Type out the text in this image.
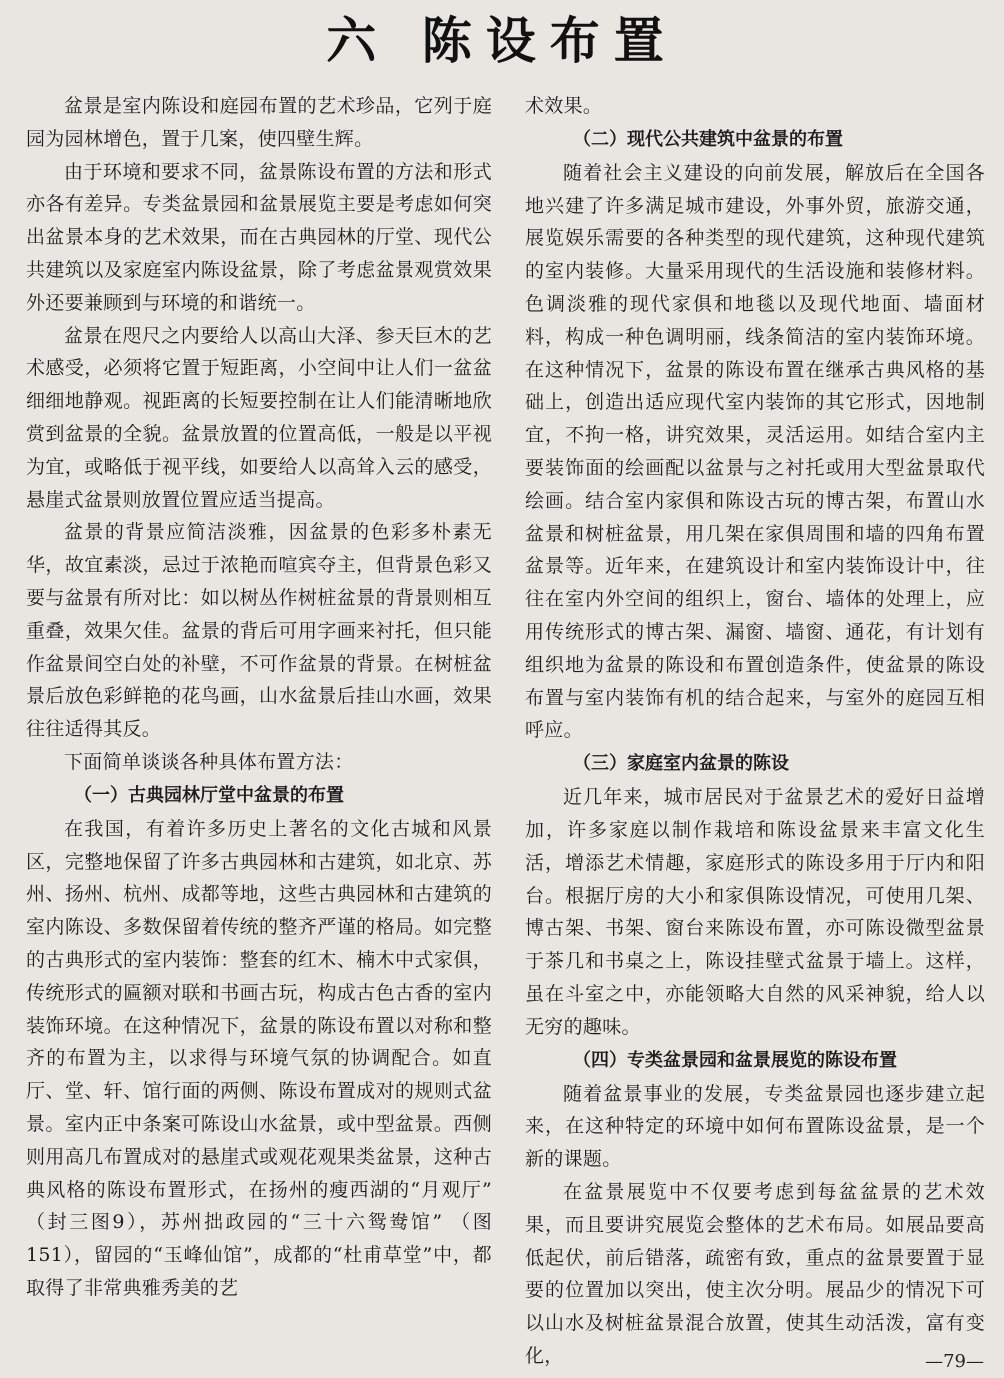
六 陈设布置

盆景是室内陈设和庭园布置的艺术珍品，它列于庭园为园林增色，置于几案，使四壁生辉。

由于环境和要求不同，盆景陈设布置的方法和形式亦各有差异。专类盆景园和盆景展览主要是考虑如何突出盆景本身的艺术效果，而在古典园林的厅堂、现代公共建筑以及家庭室内陈设盆景，除了考虑盆景观赏效果外还要兼顾到与环境的和谐统一。

盆景在咫尺之内要给人以高山大泽、参天巨木的艺术感受，必须将它置于短距离，小空间中让人们一盆盆细细地静观。视距离的长短要控制在让人们能清晰地欣赏到盆景的全貌。盆景放置的位置高低，一般是以平视为宜，或略低于视平线，如要给人以高耸入云的感受，悬崖式盆景则放置位置应适当提高。

盆景的背景应简洁淡雅，因盆景的色彩多朴素无华，故宜素淡，忌过于浓艳而喧宾夺主，但背景色彩又要与盆景有所对比：如以树丛作树桩盆景的背景则相互重叠，效果欠佳。盆景的背后可用字画来衬托，但只能作盆景间空白处的补壁，不可作盆景的背景。在树桩盆景后放色彩鲜艳的花鸟画，山水盆景后挂山水画，效果往往适得其反。

下面简单谈谈各种具体布置方法：

（一）古典园林厅堂中盆景的布置

在我国，有着许多历史上著名的文化古城和风景区，完整地保留了许多古典园林和古建筑，如北京、苏州、扬州、杭州、成都等地，这些古典园林和古建筑的室内陈设、多数保留着传统的整齐严谨的格局。如完整的古典形式的室内装饰：整套的红木、楠木中式家俱，传统形式的匾额对联和书画古玩，构成古色古香的室内装饰环境。在这种情况下，盆景的陈设布置以对称和整齐的布置为主，以求得与环境气氛的协调配合。如直厅、堂、轩、馆行面的两侧、陈设布置成对的规则式盆景。室内正中条案可陈设山水盆景，或中型盆景。西侧则用高几布置成对的悬崖式或观花观果类盆景，这种古典风格的陈设布置形式，在扬州的瘦西湖的“月观厅” （封三图9），苏州拙政园的“三十六鸳鸯馆” （图151），留园的“玉峰仙馆”，成都的“杜甫草堂”中，都取得了非常典雅秀美的艺

术效果。

（二）现代公共建筑中盆景的布置

随着社会主义建设的向前发展，解放后在全国各地兴建了许多满足城市建设，外事外贸，旅游交通，展览娱乐需要的各种类型的现代建筑，这种现代建筑的室内装修。大量采用现代的生活设施和装修材料。色调淡雅的现代家俱和地毯以及现代地面、墙面材料，构成一种色调明丽，线条简洁的室内装饰环境。在这种情况下，盆景的陈设布置在继承古典风格的基础上，创造出适应现代室内装饰的其它形式，因地制宜，不拘一格，讲究效果，灵活运用。如结合室内主要装饰面的绘画配以盆景与之衬托或用大型盆景取代绘画。结合室内家俱和陈设古玩的博古架，布置山水盆景和树桩盆景，用几架在家俱周围和墙的四角布置盆景等。近年来，在建筑设计和室内装饰设计中，往往在室内外空间的组织上，窗台、墙体的处理上，应用传统形式的博古架、漏窗、墙窗、通花，有计划有组织地为盆景的陈设和布置创造条件，使盆景的陈设布置与室内装饰有机的结合起来，与室外的庭园互相呼应。

（三）家庭室内盆景的陈设

近几年来，城市居民对于盆景艺术的爱好日益增加，许多家庭以制作栽培和陈设盆景来丰富文化生活，增添艺术情趣，家庭形式的陈设多用于厅内和阳台。根据厅房的大小和家俱陈设情况，可使用几架、博古架、书架、窗台来陈设布置，亦可陈设微型盆景于茶几和书桌之上，陈设挂壁式盆景于墙上。这样，虽在斗室之中，亦能领略大自然的风采神貌，给人以无穷的趣味。

（四）专类盆景园和盆景展览的陈设布置

随着盆景事业的发展，专类盆景园也逐步建立起来，在这种特定的环境中如何布置陈设盆景，是一个新的课题。

在盆景展览中不仅要考虑到每盆盆景的艺术效果，而且要讲究展览会整体的艺术布局。如展品要高低起伏，前后错落，疏密有致，重点的盆景要置于显要的位置加以突出，使主次分明。展品少的情况下可以山水及树桩盆景混合放置，使其生动活泼，富有变化，	—79—
